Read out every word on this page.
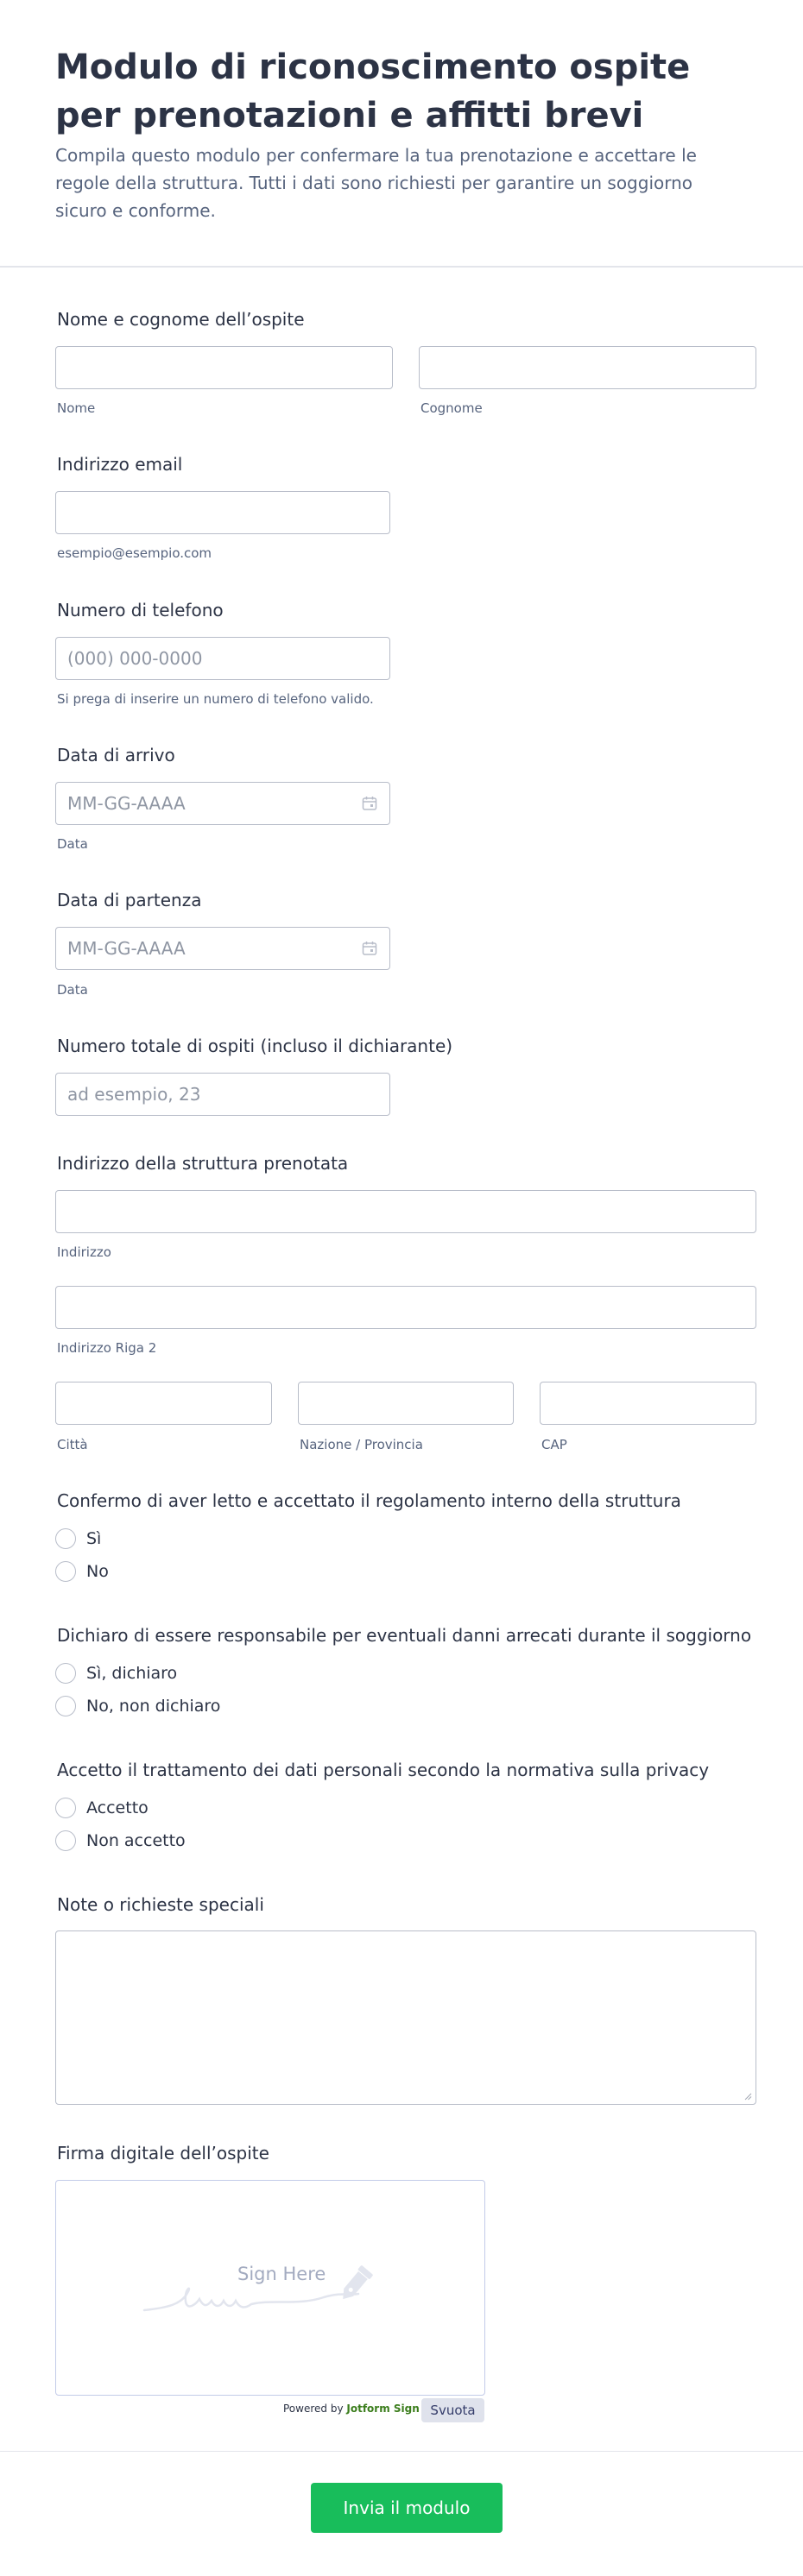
Modulo di riconoscimento ospite per prenotazioni e affitti brevi
Compila questo modulo per confermare la tua prenotazione e accettare le regole della struttura. Tutti i dati sono richiesti per garantire un soggiorno sicuro e conforme.
Nome e cognome dell’ospite
Nome	Cognome
Indirizzo email
esempio@esempio.com
Numero di telefono
(000) 000-0000
Si prega di inserire un numero di telefono valido.
Data di arrivo
MM-GG-AAAA
Data
Data di partenza
MM-GG-AAAA
Data
Numero totale di ospiti (incluso il dichiarante)
ad esempio, 23
Indirizzo della struttura prenotata
Indirizzo
Indirizzo Riga 2
Città	Nazione / Provincia	CAP
Confermo di aver letto e accettato il regolamento interno della struttura
Sì
No
Dichiaro di essere responsabile per eventuali danni arrecati durante il soggiorno
Sì, dichiaro
No, non dichiaro
Accetto il trattamento dei dati personali secondo la normativa sulla privacy
Accetto
Non accetto
Note o richieste speciali
Firma digitale dell’ospite
Sign Here
Powered by Jotform Sign Svuota
Invia il modulo
